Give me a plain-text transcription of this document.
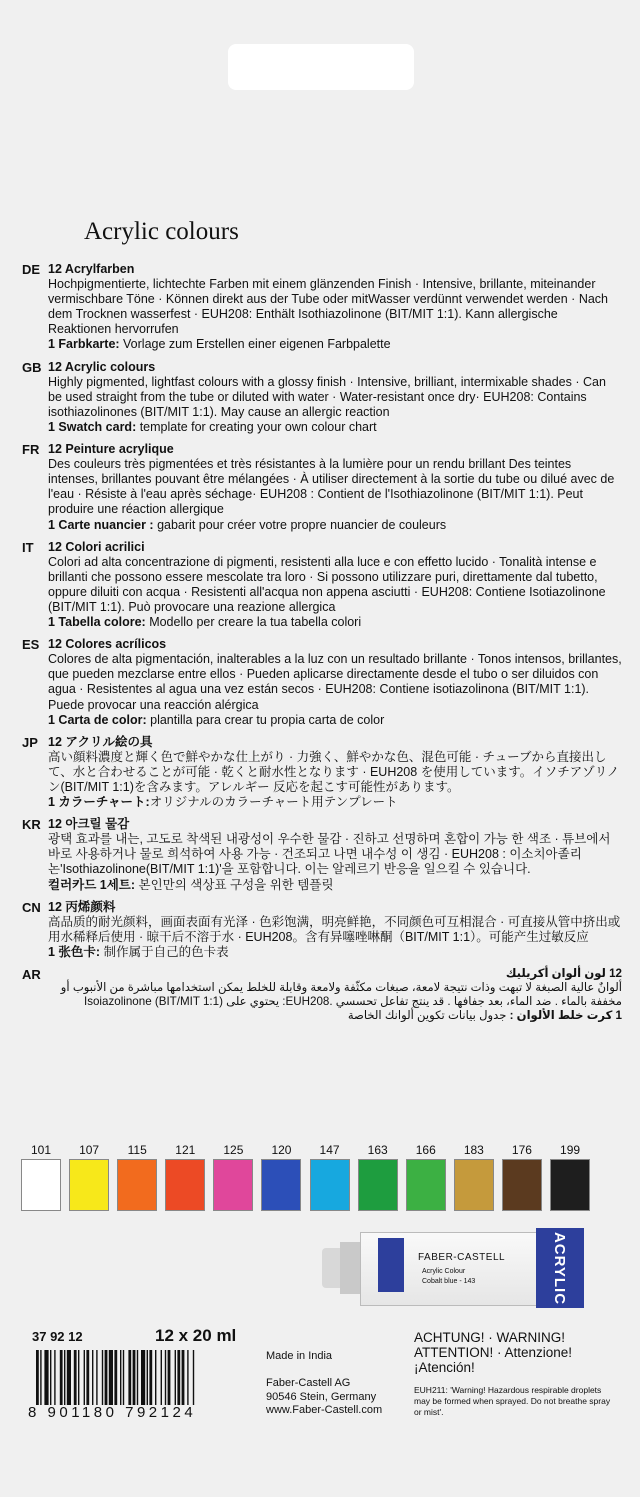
Acrylic colours
DE 12 Acrylfarben
Hochpigmentierte, lichtechte Farben mit einem glänzenden Finish · Intensive, brillante, miteinander vermischbare Töne · Können direkt aus der Tube oder mitWasser verdünnt verwendet werden · Nach dem Trocknen wasserfest · EUH208: Enthält Isothiazolinone (BIT/MIT 1:1). Kann allergische Reaktionen hervorrufen
1 Farbkarte: Vorlage zum Erstellen einer eigenen Farbpalette
GB 12 Acrylic colours
Highly pigmented, lightfast colours with a glossy finish · Intensive, brilliant, intermixable shades · Can be used straight from the tube or diluted with water · Water-resistant once dry· EUH208: Contains isothiazolinones (BIT/MIT 1:1). May cause an allergic reaction
1 Swatch card: template for creating your own colour chart
FR 12 Peinture acrylique
Des couleurs très pigmentées et très résistantes à la lumière pour un rendu brillant Des teintes intenses, brillantes pouvant être mélangées · À utiliser directement à la sortie du tube ou dilué avec de l'eau · Résiste à l'eau après séchage· EUH208 : Contient de l'Isothiazolinone (BIT/MIT 1:1). Peut produire une réaction allergique
1 Carte nuancier : gabarit pour créer votre propre nuancier de couleurs
IT	12 Colori acrilici
Colori ad alta concentrazione di pigmenti, resistenti alla luce e con effetto lucido · Tonalità intense e brillanti che possono essere mescolate tra loro · Si possono utilizzare puri, direttamente dal tubetto, oppure diluiti con acqua · Resistenti all'acqua non appena asciutti · EUH208: Contiene Isotiazolinone (BIT/MIT 1:1). Può provocare una reazione allergica
1 Tabella colore: Modello per creare la tua tabella colori
ES 12 Colores acrílicos
Colores de alta pigmentación, inalterables a la luz con un resultado brillante · Tonos intensos, brillantes, que pueden mezclarse entre ellos · Pueden aplicarse directamente desde el tubo o ser diluidos con agua · Resistentes al agua una vez están secos · EUH208: Contiene isotiazolinona (BIT/MIT 1:1). Puede provocar una reacción alérgica
1 Carta de color: plantilla para crear tu propia carta de color
JP 12 アクリル絵の具
高い顔料濃度と輝く色で鮮やかな仕上がり · 力強く、鮮やかな色、混色可能 · チューブから直接出して、水と合わせることが可能 · 乾くと耐水性となります · EUH208 を使用しています。イソチアゾリノン(BIT/MIT 1:1)を含みます。アレルギー 反応を起こす可能性があります。
1 カラーチャート:オリジナルのカラーチャート用テンプレート
KR 12 아크릴 물감
광택 효과를 내는, 고도로 착색된 내광성이 우수한 물감 · 진하고 선명하며 혼합이 가능 한 색조 · 튜브에서 바로 사용하거나 물로 희석하여 사용 가능 · 건조되고 나면 내수성 이 생김 · EUH208 : 이소치아졸리논'Isothiazolinone(BIT/MIT 1:1)'을 포함합니다. 이는 알레르기 반응을 일으킬 수 있습니다.
컬러카드 1세트: 본인만의 색상표 구성을 위한 템플릿
CN 12 丙烯颜料
高品质的耐光颜料，画面表面有光泽 · 色彩饱满，明亮鲜艳，不同颜色可互相混合 · 可直接从管中挤出或用水稀释后使用 · 晾干后不溶于水 · EUH208。含有异噻唑啉酮（BIT/MIT 1:1）。可能产生过敏反应
1 张色卡: 制作属于自己的色卡表
AR	12 لون ألوان أكريليك
ألوانٌ عالية الصبغة لا تبهت وذات نتيجة لامعة، صبغات مكثّفة ولامعة وقابلة للخلط يمكن استخدامها مباشرة من الأنبوب أو مخففة بالماء . ضد الماء، بعد جفافها . قد ينتج تفاعل تحسسي .EUH208: يحتوي على Isoiazolinone (BIT/MIT 1:1)
1 كرت خلط الألوان : جدول بيانات تكوين ألوانك الخاصة
101	107	115	121	125	120	147	163	166	183	176	199
FABER-CASTELL
Acrylic Colour
Cobalt blue - 143	ACRYLIC
37 92 12	12 x 20 ml
8 901180 792124
Made in India
Faber-Castell AG
90546 Stein, Germany
www.Faber-Castell.com
ACHTUNG! · WARNING! ATTENTION! · Attenzione! ¡Atención!
EUH211: 'Warning! Hazardous respirable droplets may be formed when sprayed. Do not breathe spray or mist'.
